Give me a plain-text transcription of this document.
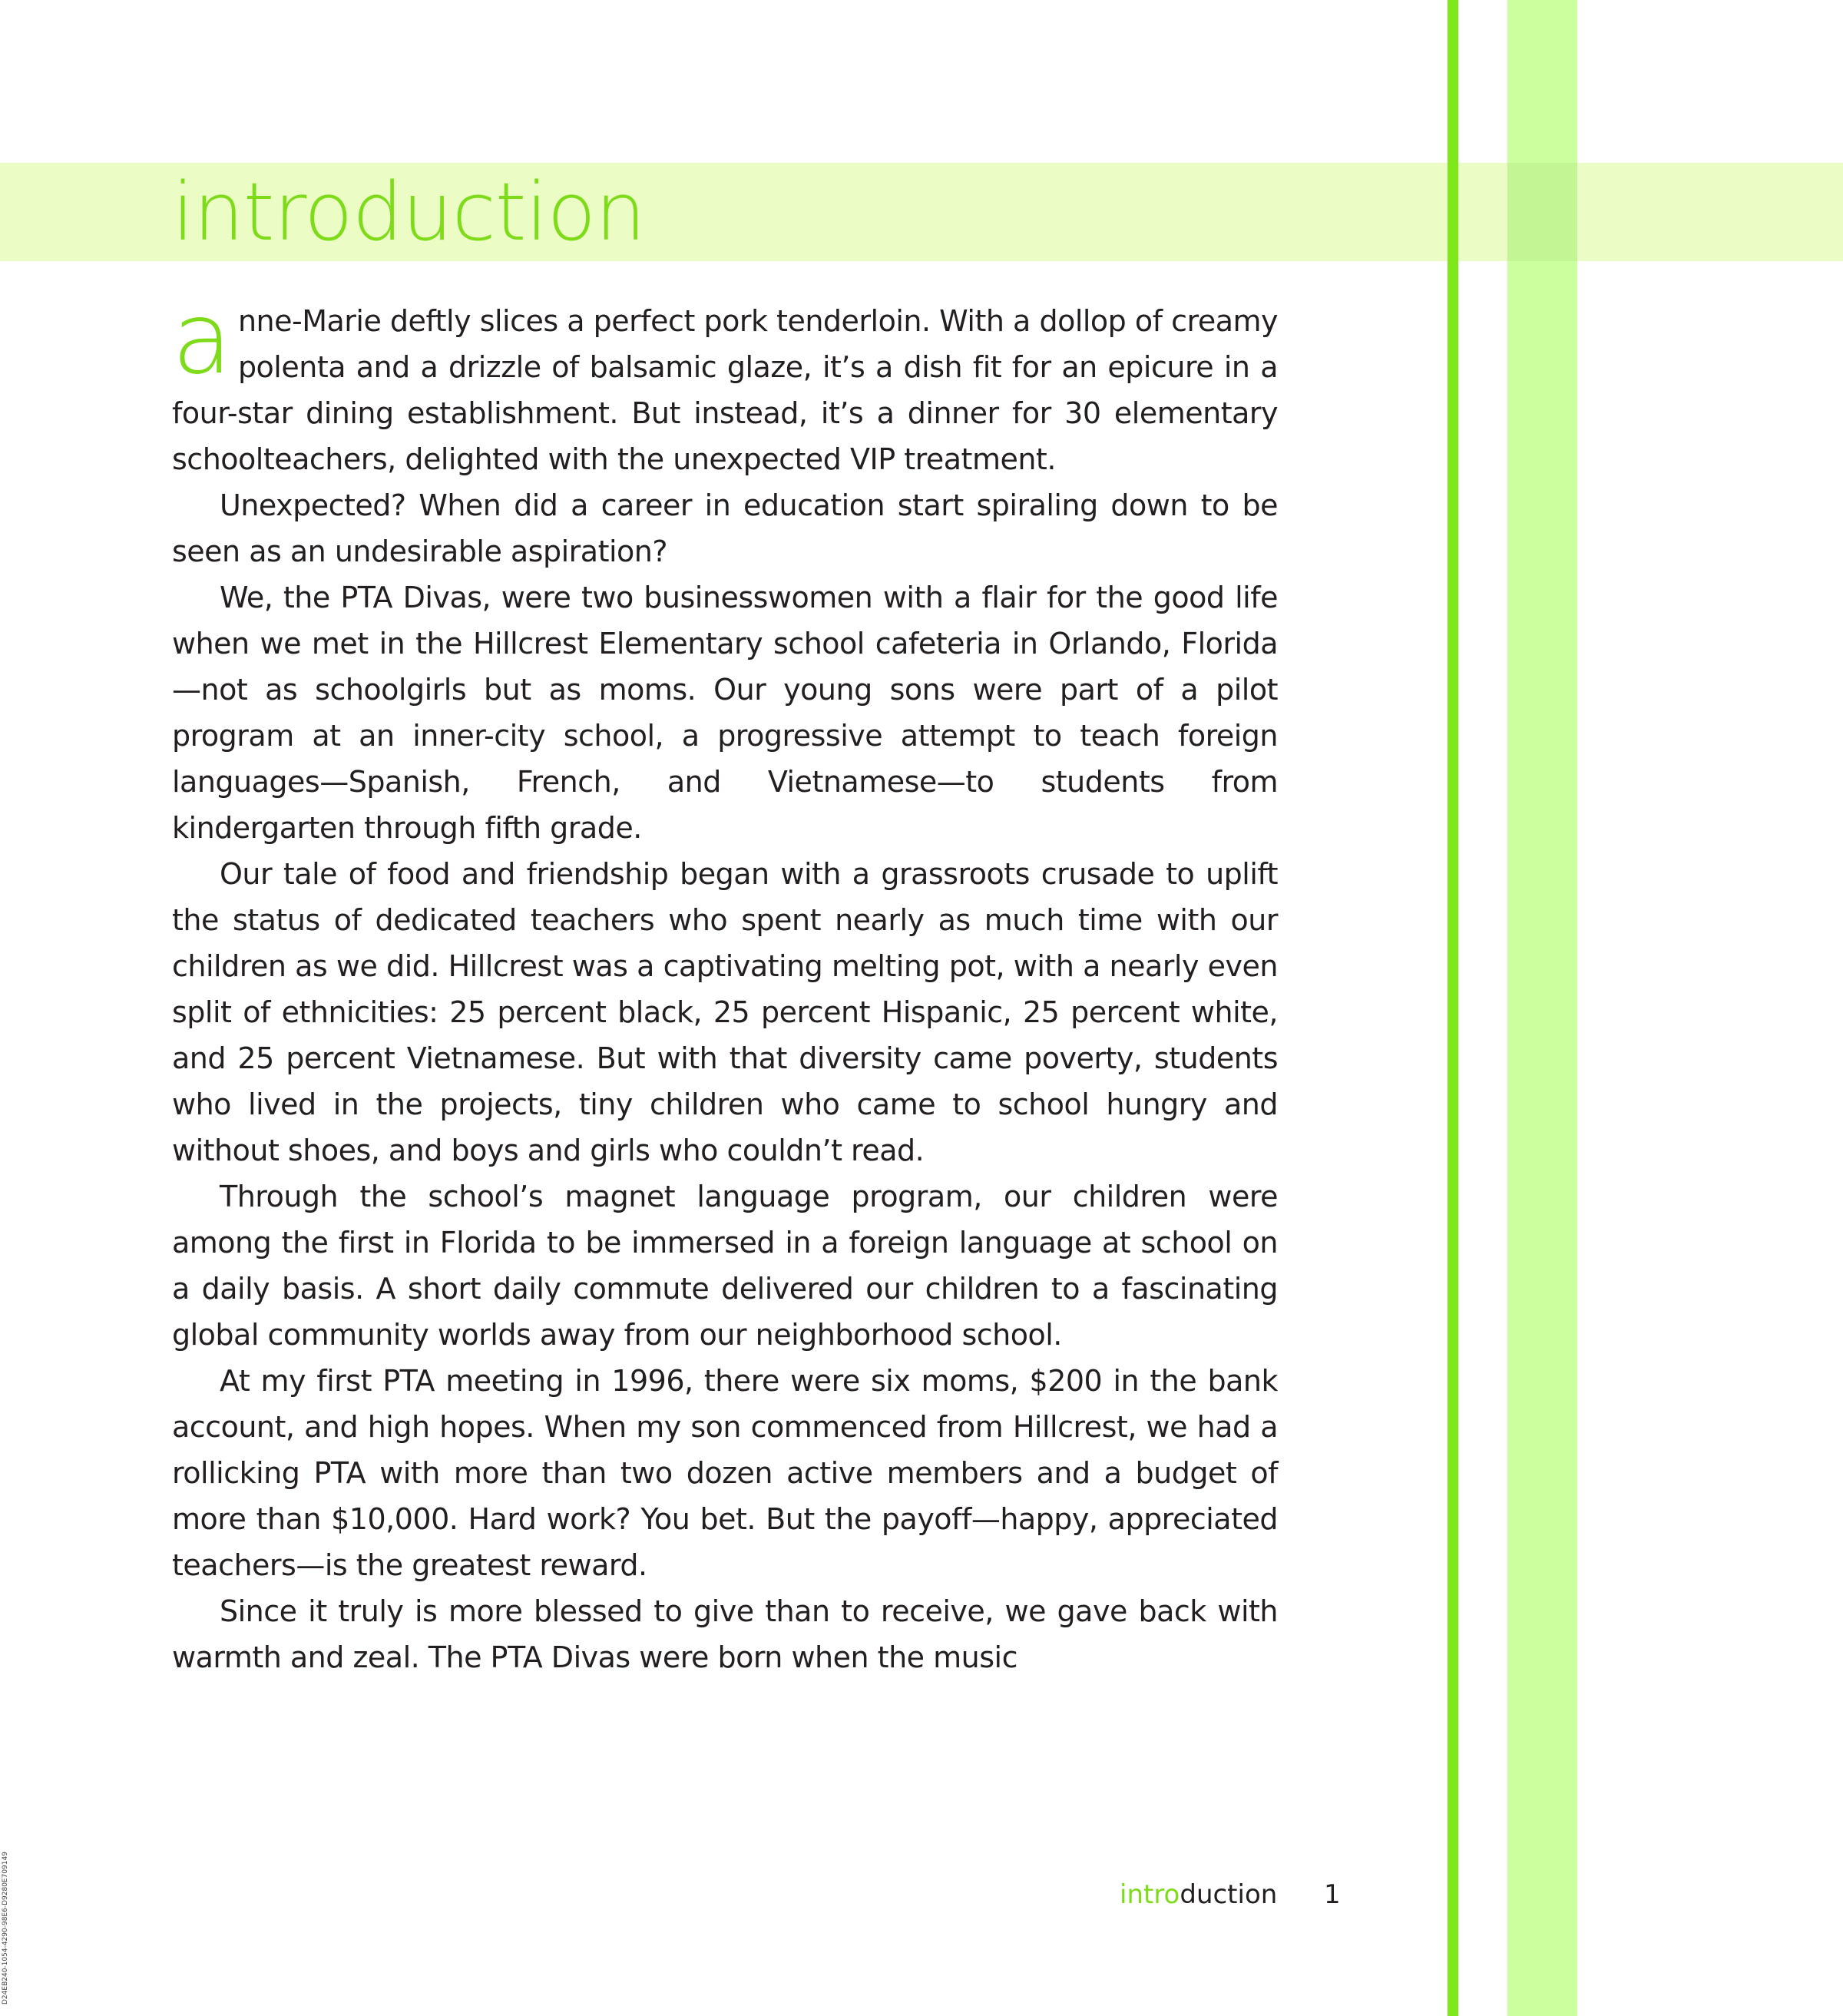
introduction

anne-Marie deftly slices a perfect pork tenderloin. With a dollop of creamy polenta and a drizzle of balsamic glaze, it’s a dish fit for an epicure in a four-star dining establishment. But instead, it’s a dinner for 30 elementary schoolteachers, delighted with the unexpected VIP treatment.

Unexpected? When did a career in education start spiraling down to be seen as an undesirable aspiration?

We, the PTA Divas, were two businesswomen with a flair for the good life when we met in the Hillcrest Elementary school cafeteria in Orlando, Florida—not as schoolgirls but as moms. Our young sons were part of a pilot program at an inner-city school, a progressive attempt to teach foreign languages—Spanish, French, and Vietnamese—to students from kindergarten through fifth grade.

Our tale of food and friendship began with a grassroots crusade to uplift the status of dedicated teachers who spent nearly as much time with our children as we did. Hillcrest was a captivating melting pot, with a nearly even split of ethnicities: 25 percent black, 25 percent Hispanic, 25 percent white, and 25 percent Vietnamese. But with that diversity came poverty, students who lived in the projects, tiny children who came to school hungry and without shoes, and boys and girls who couldn’t read.

Through the school’s magnet language program, our children were among the first in Florida to be immersed in a foreign language at school on a daily basis. A short daily commute delivered our children to a fascinating global community worlds away from our neighborhood school.

At my first PTA meeting in 1996, there were six moms, $200 in the bank account, and high hopes. When my son commenced from Hillcrest, we had a rollicking PTA with more than two dozen active members and a budget of more than $10,000. Hard work? You bet. But the payoff—happy, appreciated teachers—is the greatest reward.

Since it truly is more blessed to give than to receive, we gave back with warmth and zeal. The PTA Divas were born when the music

introduction 1
D24EB240-1054-4290-98E6-D9280E709149
